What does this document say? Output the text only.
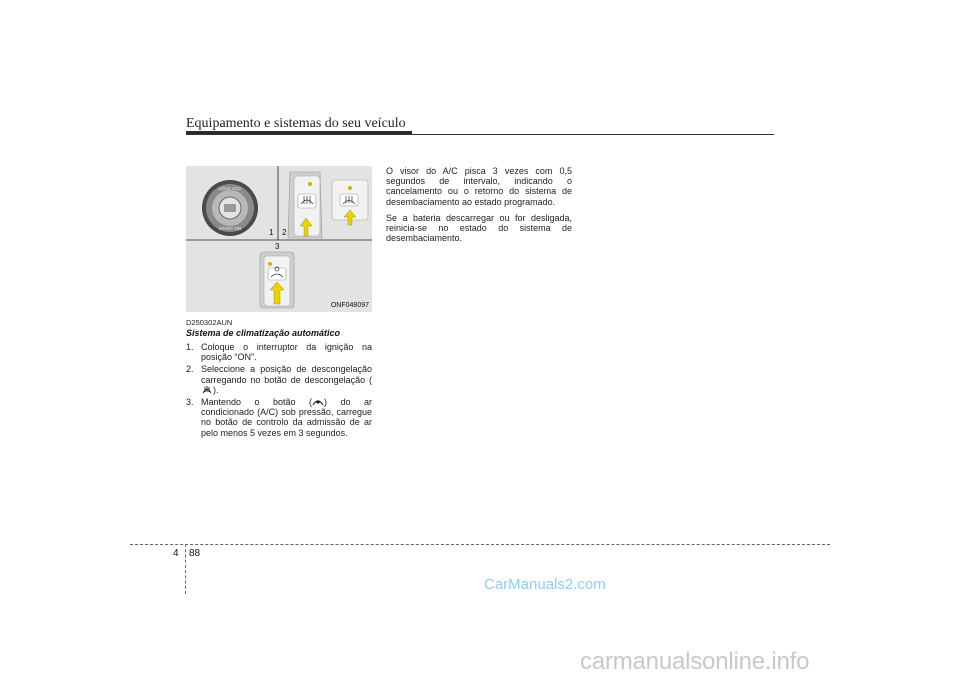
Equipamento e sistemas do seu veículo
LOCK ACC
START ON	1 2
3
ONF048097
D250302AUN
Sistema de climatização automático
1. Coloque o interruptor da ignição na posição “ON”.
2. Seleccione a posição de descongelação carregando no botão de descongelação ().
3. Mantendo o botão ( ) do ar condicionado (A/C) sob pressão, carregue no botão de controlo da admissão de ar pelo menos 5 vezes em 3 segundos.

O visor do A/C pisca 3 vezes com 0,5 segundos de intervalo, indicando o cancelamento ou o retorno do sistema de desembaciamento ao estado programado.

Se a bateria descarregar ou for desligada, reinicia-se no estado do sistema de desembaciamento.

4 88
CarManuals2.com
carmanualsonline.info
